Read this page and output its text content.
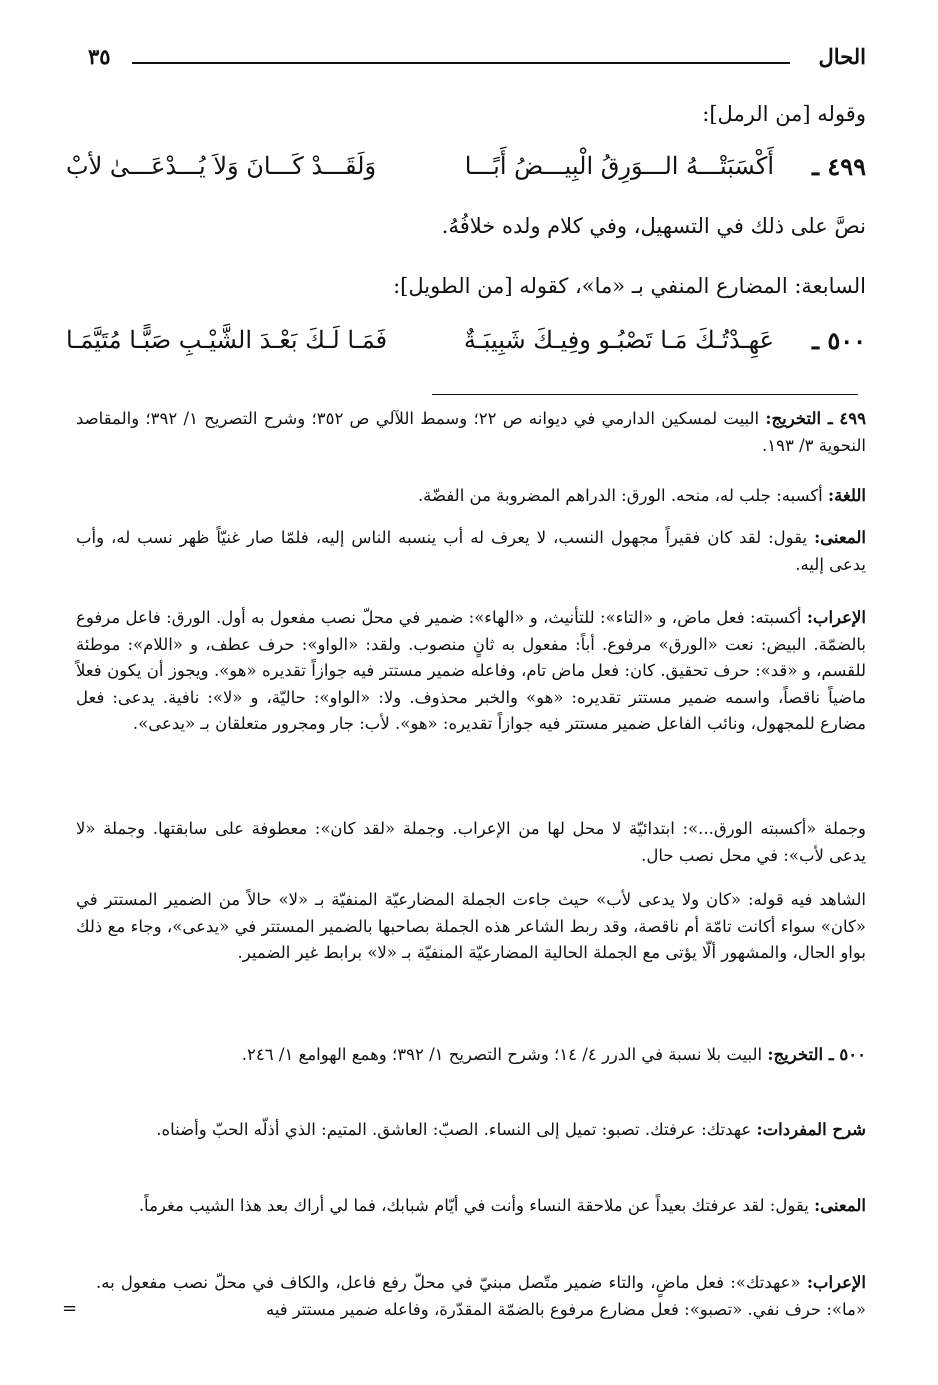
الحال
٣٥
وقوله [من الرمل]:
٤٩٩ ـ
أَكْسَبَتْـــهُ الـــوَرِقُ الْبِيـــضُ أَبًـــا
وَلَقَـــدْ كَـــانَ وَلاَ يُـــدْعَـــىٰ لأبْ
نصَّ على ذلك في التسهيل، وفي كلام ولده خلافُهُ.
السابعة: المضارع المنفي بـ «ما»، كقوله [من الطويل]:
٥٠٠ ـ
عَهِـدْتُـكَ مَـا تَصْبُـو وفِيـكَ شَبِيبَـةٌ
فَمَـا لَـكَ بَعْـدَ الشَّيْـبِ صَبًّـا مُتَيَّمَـا
٤٩٩ ـ التخريج: البيت لمسكين الدارمي في ديوانه ص ٢٢؛ وسمط اللآلي ص ٣٥٢؛ وشرح التصريح ١/ ٣٩٢؛ والمقاصد النحوية ٣/ ١٩٣.
اللغة: أكسبه: جلب له، منحه. الورق: الدراهم المضروبة من الفضّة.
المعنى: يقول: لقد كان فقيراً مجهول النسب، لا يعرف له أب ينسبه الناس إليه، فلمّا صار غنيّاً ظهر نسب له، وأب يدعى إليه.
الإعراب: أكسبته: فعل ماض، و «التاء»: للتأنيث، و «الهاء»: ضمير في محلّ نصب مفعول به أول. الورق: فاعل مرفوع بالضمّة. البيض: نعت «الورق» مرفوع. أباً: مفعول به ثانٍ منصوب. ولقد: «الواو»: حرف عطف، و «اللام»: موطئة للقسم، و «قد»: حرف تحقيق. كان: فعل ماض تام، وفاعله ضمير مستتر فيه جوازاً تقديره «هو». ويجوز أن يكون فعلاً ماضياً ناقصاً، واسمه ضمير مستتر تقديره: «هو» والخبر محذوف. ولا: «الواو»: حاليّة، و «لا»: نافية. يدعى: فعل مضارع للمجهول، ونائب الفاعل ضمير مستتر فيه جوازاً تقديره: «هو». لأب: جار ومجرور متعلقان بـ «يدعى».
وجملة «أكسبته الورق...»: ابتدائيّة لا محل لها من الإعراب. وجملة «لقد كان»: معطوفة على سابقتها. وجملة «لا يدعى لأب»: في محل نصب حال.
الشاهد فيه قوله: «كان ولا يدعى لأب» حيث جاءت الجملة المضارعيّة المنفيّة بـ «لا» حالاً من الضمير المستتر في «كان» سواء أكانت تامّة أم ناقصة، وقد ربط الشاعر هذه الجملة بصاحبها بالضمير المستتر في «يدعى»، وجاء مع ذلك بواو الحال، والمشهور ألّا يؤتى مع الجملة الحالية المضارعيّة المنفيّة بـ «لا» برابط غير الضمير.
٥٠٠ ـ التخريج: البيت بلا نسبة في الدرر ٤/ ١٤؛ وشرح التصريح ١/ ٣٩٢؛ وهمع الهوامع ١/ ٢٤٦.
شرح المفردات: عهدتك: عرفتك. تصبو: تميل إلى النساء. الصبّ: العاشق. المتيم: الذي أذلّه الحبّ وأضناه.
المعنى: يقول: لقد عرفتك بعيداً عن ملاحقة النساء وأنت في أيّام شبابك، فما لي أراك بعد هذا الشيب مغرماً.
الإعراب: «عهدتك»: فعل ماضٍ، والتاء ضمير متّصل مبنيّ في محلّ رفع فاعل، والكاف في محلّ نصب مفعول به. «ما»: حرف نفي. «تصبو»: فعل مضارع مرفوع بالضمّة المقدّرة، وفاعله ضمير مستتر فيه
=
